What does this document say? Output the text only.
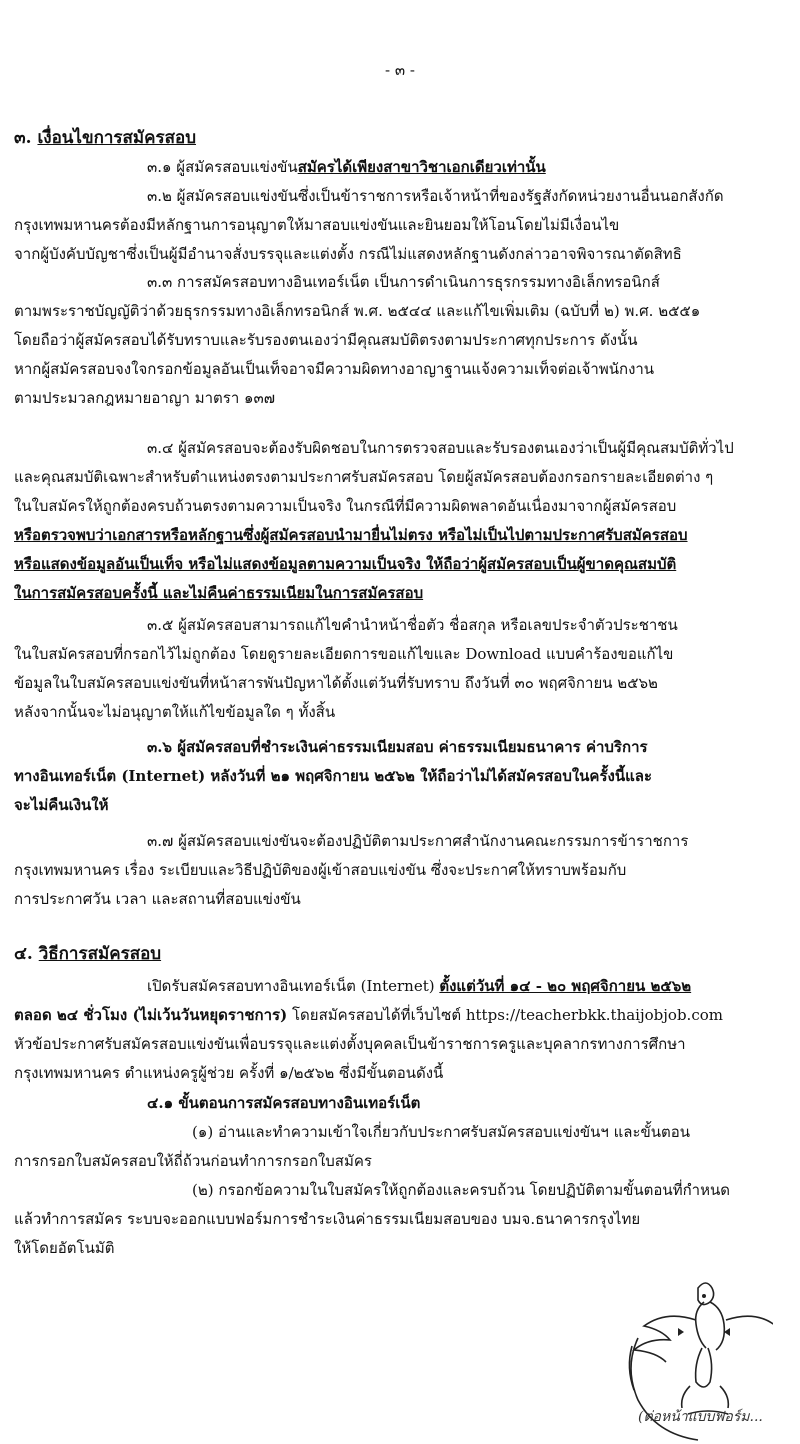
- ๓ -
๓. เงื่อนไขการสมัครสอบ
๓.๑ ผู้สมัครสอบแข่งขันสมัครได้เพียงสาขาวิชาเอกเดียวเท่านั้น
๓.๒ ผู้สมัครสอบแข่งขันซึ่งเป็นข้าราชการหรือเจ้าหน้าที่ของรัฐสังกัดหน่วยงานอื่นนอกสังกัด
กรุงเทพมหานครต้องมีหลักฐานการอนุญาตให้มาสอบแข่งขันและยินยอมให้โอนโดยไม่มีเงื่อนไข
จากผู้บังคับบัญชาซึ่งเป็นผู้มีอำนาจสั่งบรรจุและแต่งตั้ง กรณีไม่แสดงหลักฐานดังกล่าวอาจพิจารณาตัดสิทธิ
๓.๓ การสมัครสอบทางอินเทอร์เน็ต เป็นการดำเนินการธุรกรรมทางอิเล็กทรอนิกส์
ตามพระราชบัญญัติว่าด้วยธุรกรรมทางอิเล็กทรอนิกส์ พ.ศ. ๒๕๔๔ และแก้ไขเพิ่มเติม (ฉบับที่ ๒) พ.ศ. ๒๕๕๑
โดยถือว่าผู้สมัครสอบได้รับทราบและรับรองตนเองว่ามีคุณสมบัติตรงตามประกาศทุกประการ ดังนั้น
หากผู้สมัครสอบจงใจกรอกข้อมูลอันเป็นเท็จอาจมีความผิดทางอาญาฐานแจ้งความเท็จต่อเจ้าพนักงาน
ตามประมวลกฎหมายอาญา มาตรา ๑๓๗
๓.๔ ผู้สมัครสอบจะต้องรับผิดชอบในการตรวจสอบและรับรองตนเองว่าเป็นผู้มีคุณสมบัติทั่วไป
และคุณสมบัติเฉพาะสำหรับตำแหน่งตรงตามประกาศรับสมัครสอบ โดยผู้สมัครสอบต้องกรอกรายละเอียดต่าง ๆ
ในใบสมัครให้ถูกต้องครบถ้วนตรงตามความเป็นจริง ในกรณีที่มีความผิดพลาดอันเนื่องมาจากผู้สมัครสอบ
หรือตรวจพบว่าเอกสารหรือหลักฐานซึ่งผู้สมัครสอบนำมายื่นไม่ตรง หรือไม่เป็นไปตามประกาศรับสมัครสอบ
หรือแสดงข้อมูลอันเป็นเท็จ หรือไม่แสดงข้อมูลตามความเป็นจริง ให้ถือว่าผู้สมัครสอบเป็นผู้ขาดคุณสมบัติ
ในการสมัครสอบครั้งนี้ และไม่คืนค่าธรรมเนียมในการสมัครสอบ
๓.๕ ผู้สมัครสอบสามารถแก้ไขคำนำหน้าชื่อตัว ชื่อสกุล หรือเลขประจำตัวประชาชน
ในใบสมัครสอบที่กรอกไว้ไม่ถูกต้อง โดยดูรายละเอียดการขอแก้ไขและ Download แบบคำร้องขอแก้ไข
ข้อมูลในใบสมัครสอบแข่งขันที่หน้าสารพันปัญหาได้ตั้งแต่วันที่รับทราบ ถึงวันที่ ๓๐ พฤศจิกายน ๒๕๖๒
หลังจากนั้นจะไม่อนุญาตให้แก้ไขข้อมูลใด ๆ ทั้งสิ้น
๓.๖ ผู้สมัครสอบที่ชำระเงินค่าธรรมเนียมสอบ ค่าธรรมเนียมธนาคาร ค่าบริการ
ทางอินเทอร์เน็ต (Internet) หลังวันที่ ๒๑ พฤศจิกายน ๒๕๖๒ ให้ถือว่าไม่ได้สมัครสอบในครั้งนี้และ
จะไม่คืนเงินให้
๓.๗ ผู้สมัครสอบแข่งขันจะต้องปฏิบัติตามประกาศสำนักงานคณะกรรมการข้าราชการ
กรุงเทพมหานคร เรื่อง ระเบียบและวิธีปฏิบัติของผู้เข้าสอบแข่งขัน ซึ่งจะประกาศให้ทราบพร้อมกับ
การประกาศวัน เวลา และสถานที่สอบแข่งขัน
๔. วิธีการสมัครสอบ
เปิดรับสมัครสอบทางอินเทอร์เน็ต (Internet) ตั้งแต่วันที่ ๑๔ - ๒๐ พฤศจิกายน ๒๕๖๒
ตลอด ๒๔ ชั่วโมง (ไม่เว้นวันหยุดราชการ) โดยสมัครสอบได้ที่เว็บไซต์ https://teacherbkk.thaijobjob.com
หัวข้อประกาศรับสมัครสอบแข่งขันเพื่อบรรจุและแต่งตั้งบุคคลเป็นข้าราชการครูและบุคลากรทางการศึกษา
กรุงเทพมหานคร ตำแหน่งครูผู้ช่วย ครั้งที่ ๑/๒๕๖๒ ซึ่งมีขั้นตอนดังนี้
๔.๑ ขั้นตอนการสมัครสอบทางอินเทอร์เน็ต
(๑) อ่านและทำความเข้าใจเกี่ยวกับประกาศรับสมัครสอบแข่งขันฯ และขั้นตอน
การกรอกใบสมัครสอบให้ถี่ถ้วนก่อนทำการกรอกใบสมัคร
(๒) กรอกข้อความในใบสมัครให้ถูกต้องและครบถ้วน โดยปฏิบัติตามขั้นตอนที่กำหนด
แล้วทำการสมัคร ระบบจะออกแบบฟอร์มการชำระเงินค่าธรรมเนียมสอบของ บมจ.ธนาคารกรุงไทย
ให้โดยอัตโนมัติ
(ต่อหน้าแบบฟอร์ม...
